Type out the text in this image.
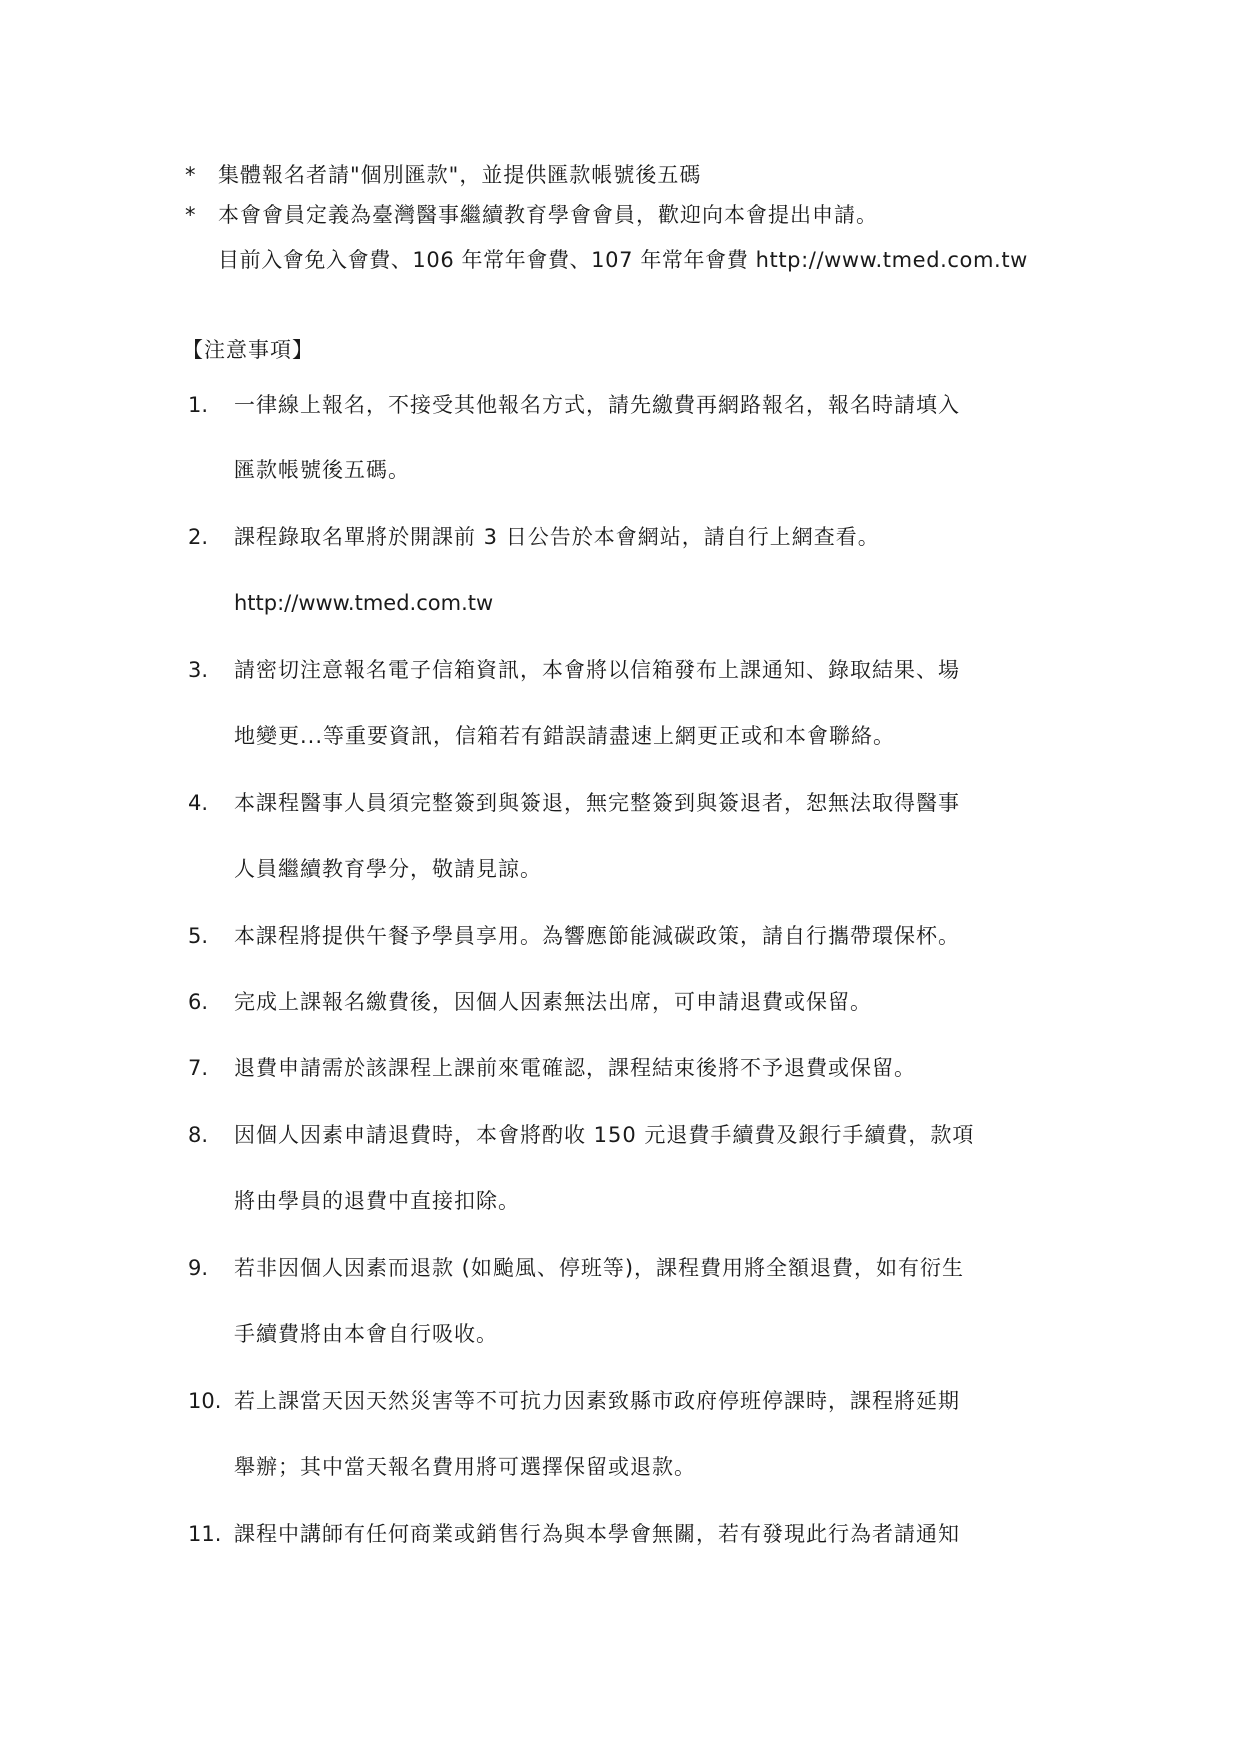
* 集體報名者請"個別匯款"，並提供匯款帳號後五碼
* 本會會員定義為臺灣醫事繼續教育學會會員，歡迎向本會提出申請。
目前入會免入會費、106 年常年會費、107 年常年會費 http://www.tmed.com.tw
【注意事項】
1. 一律線上報名，不接受其他報名方式，請先繳費再網路報名，報名時請填入
匯款帳號後五碼。
2. 課程錄取名單將於開課前 3 日公告於本會網站，請自行上網查看。
http://www.tmed.com.tw
3. 請密切注意報名電子信箱資訊，本會將以信箱發布上課通知、錄取結果、場
地變更...等重要資訊，信箱若有錯誤請盡速上網更正或和本會聯絡。
4. 本課程醫事人員須完整簽到與簽退，無完整簽到與簽退者，恕無法取得醫事
人員繼續教育學分，敬請見諒。
5. 本課程將提供午餐予學員享用。為響應節能減碳政策，請自行攜帶環保杯。
6. 完成上課報名繳費後，因個人因素無法出席，可申請退費或保留。
7. 退費申請需於該課程上課前來電確認，課程結束後將不予退費或保留。
8. 因個人因素申請退費時，本會將酌收 150 元退費手續費及銀行手續費，款項
將由學員的退費中直接扣除。
9. 若非因個人因素而退款 (如颱風、停班等)，課程費用將全額退費，如有衍生
手續費將由本會自行吸收。
10. 若上課當天因天然災害等不可抗力因素致縣市政府停班停課時，課程將延期
舉辦；其中當天報名費用將可選擇保留或退款。
11. 課程中講師有任何商業或銷售行為與本學會無關，若有發現此行為者請通知
